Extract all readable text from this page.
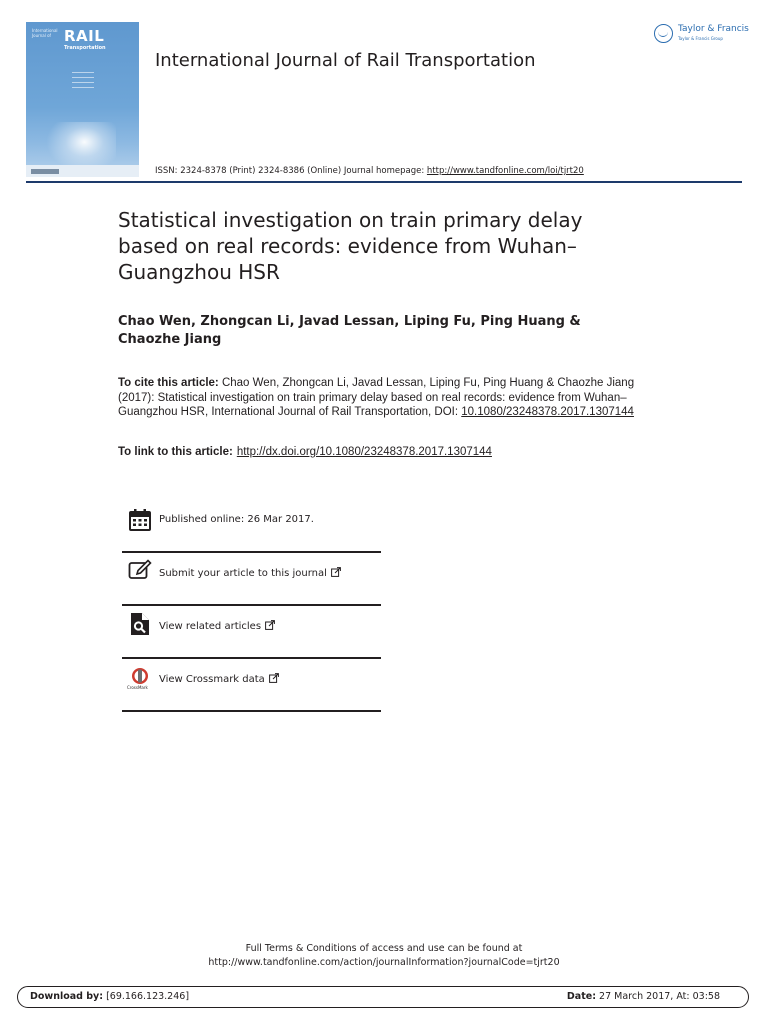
International Journal of RAIL
Transportation
International Journal of Rail Transportation
Taylor & Francis
Taylor & Francis Group
ISSN: 2324-8378 (Print) 2324-8386 (Online) Journal homepage: http://www.tandfonline.com/loi/tjrt20
Statistical investigation on train primary delay based on real records: evidence from Wuhan–Guangzhou HSR
Chao Wen, Zhongcan Li, Javad Lessan, Liping Fu, Ping Huang & Chaozhe Jiang
To cite this article: Chao Wen, Zhongcan Li, Javad Lessan, Liping Fu, Ping Huang & Chaozhe Jiang (2017): Statistical investigation on train primary delay based on real records: evidence from Wuhan–Guangzhou HSR, International Journal of Rail Transportation, DOI: 10.1080/23248378.2017.1307144
To link to this article: http://dx.doi.org/10.1080/23248378.2017.1307144
Published online: 26 Mar 2017.
Submit your article to this journal
View related articles
CrossMark
View Crossmark data
Full Terms & Conditions of access and use can be found at
http://www.tandfonline.com/action/journalInformation?journalCode=tjrt20
Download by: [69.166.123.246]	Date: 27 March 2017, At: 03:58
